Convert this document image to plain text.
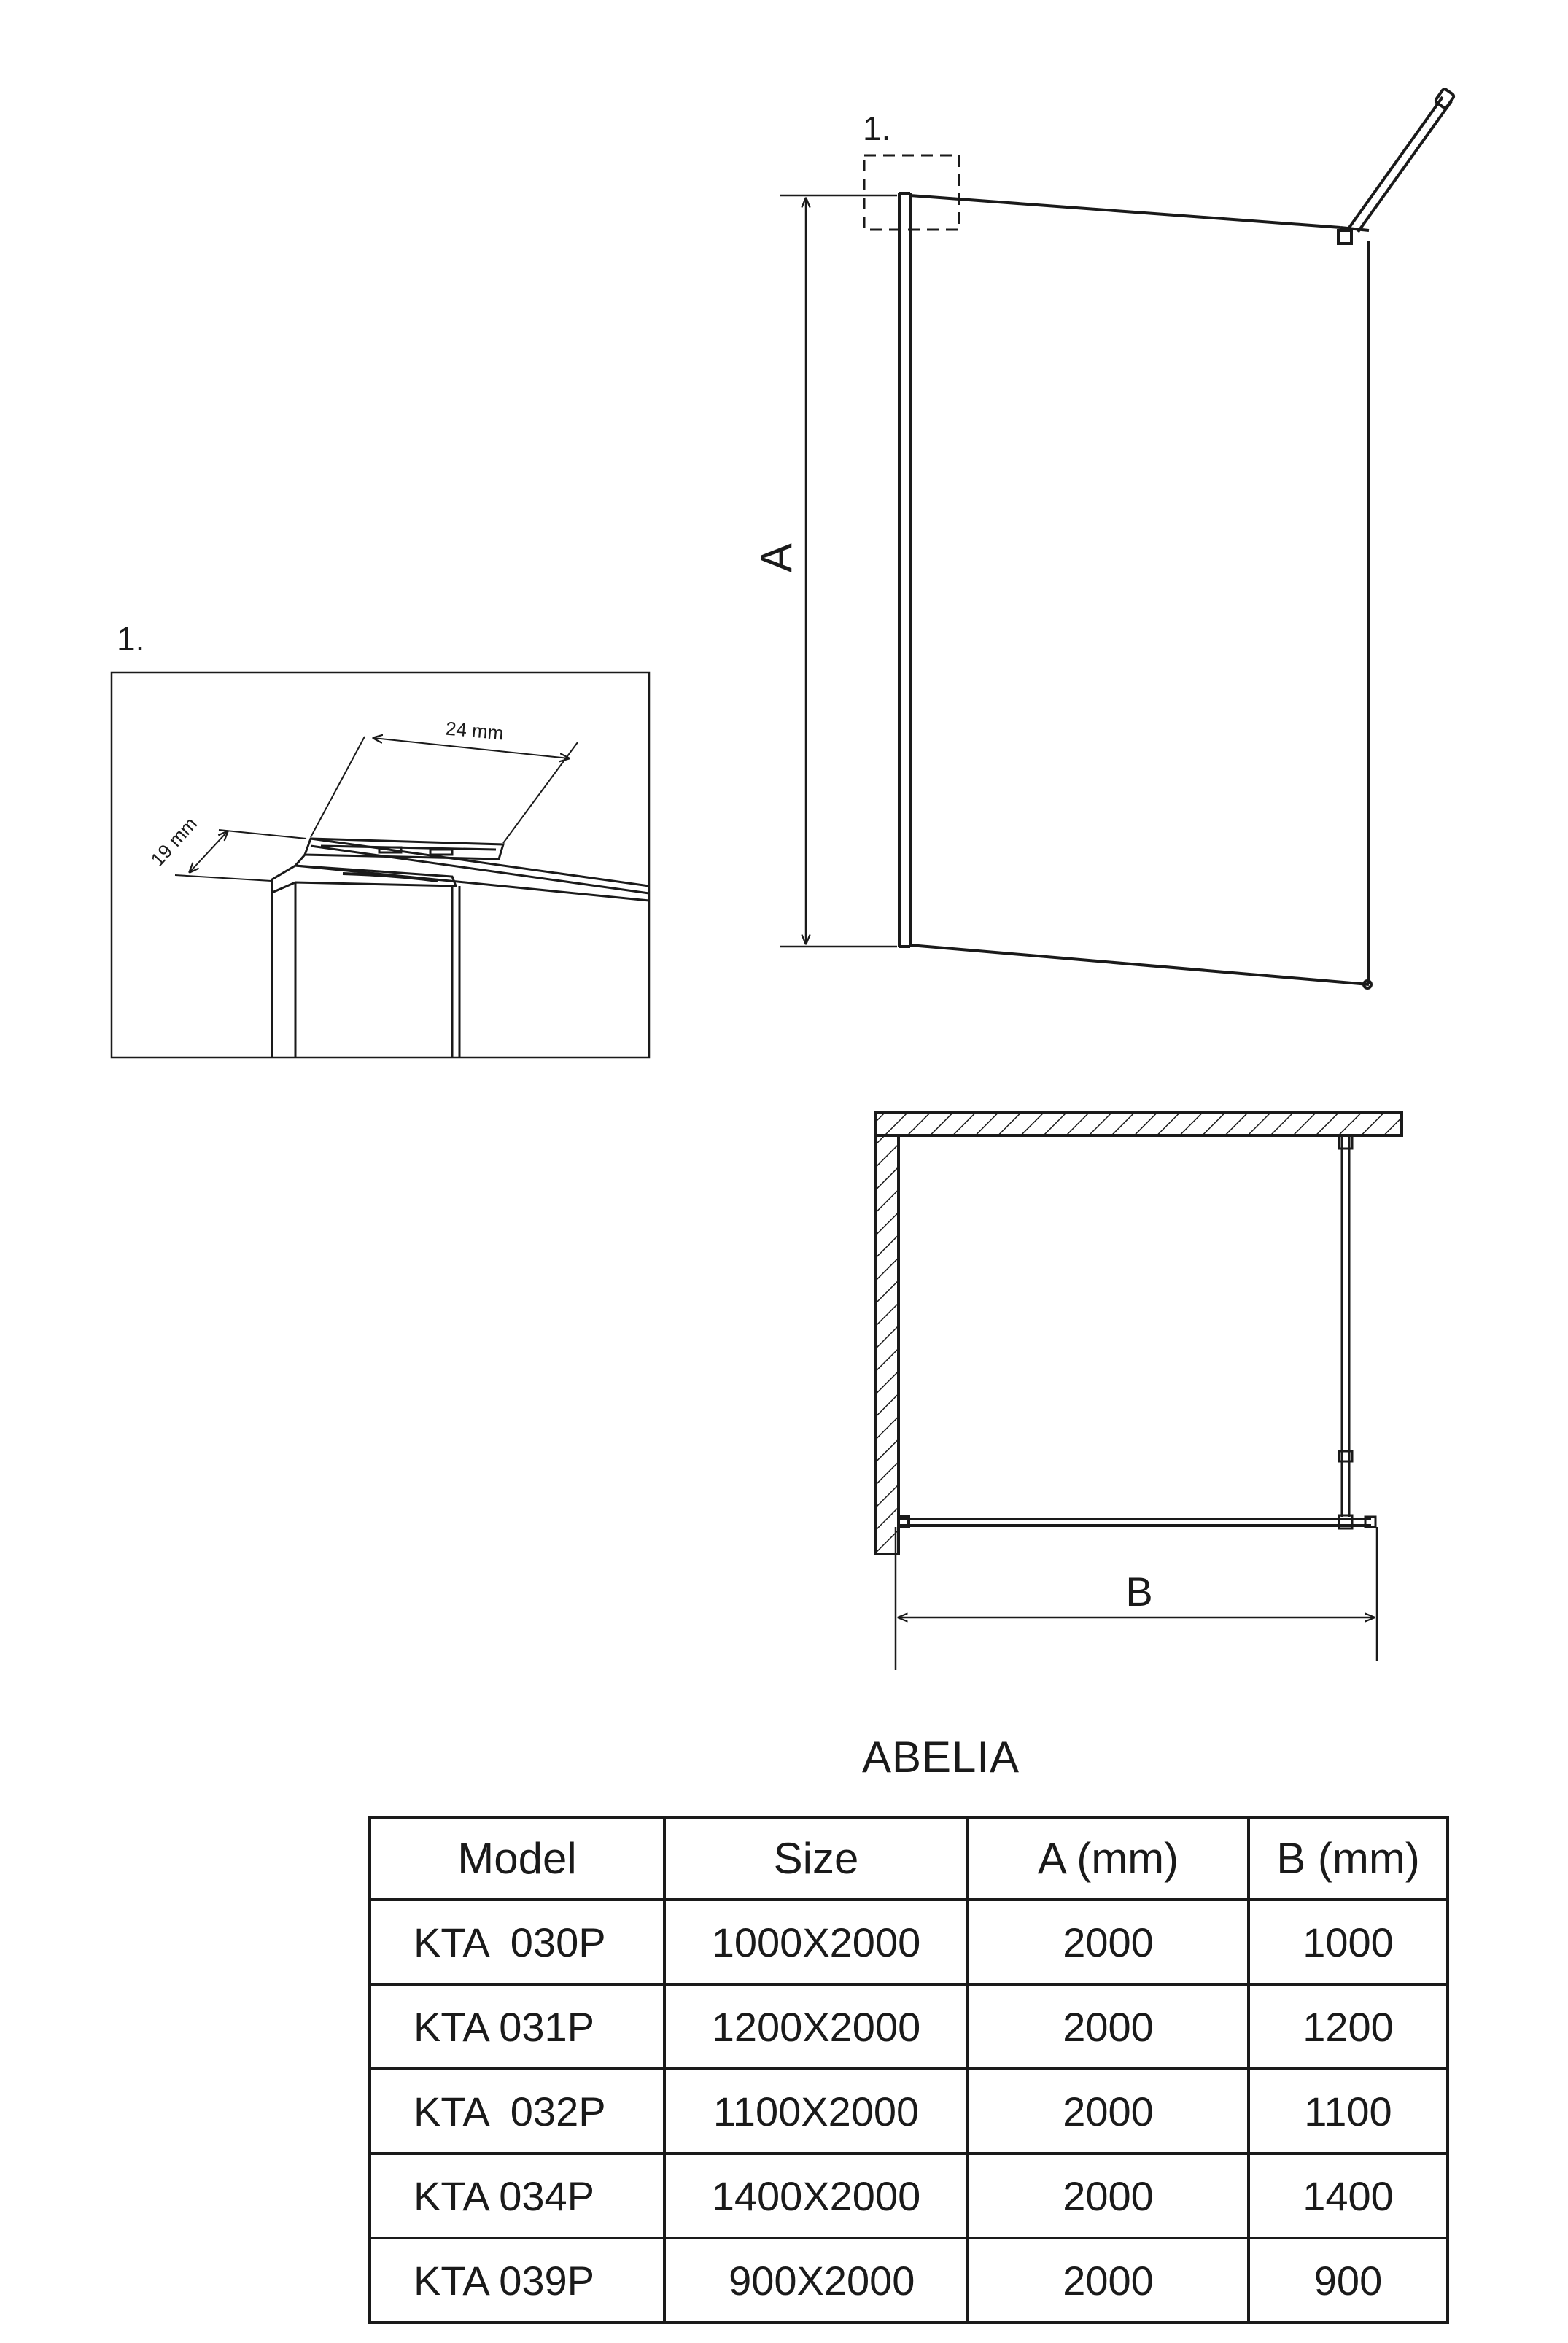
1.
A
1.
24 mm
19 mm
B
ABELIA
Model	Size	A (mm)	B (mm)
KTA  030P	1000X2000	2000	1000
KTA 031P	1200X2000	2000	1200
KTA  032P	1100X2000	2000	1100
KTA 034P	1400X2000	2000	1400
KTA 039P	900X2000	2000	900
